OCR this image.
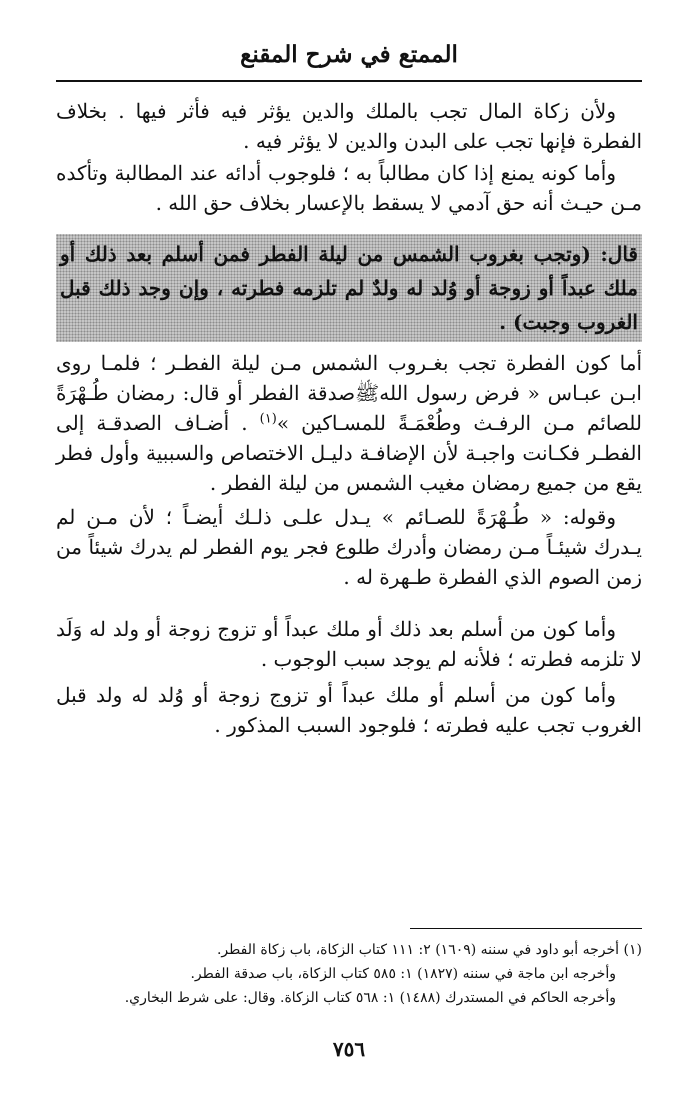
الممتع في شرح المقنع

ولأن زكاة المال تجب بالملك والدين يؤثر فيه فأثر فيها . بخلاف الفطرة فإنها تجب على البدن والدين لا يؤثر فيه .

وأما كونه يمنع إذا كان مطالباً به ؛ فلوجوب أدائه عند المطالبة وتأكده مـن حيـث أنه حق آدمي لا يسقط بالإعسار بخلاف حق الله .

قال: (وتجب بغروب الشمس من ليلة الفطر فمن أسلم بعد ذلك أو ملك عبداً أو زوجة أو وُلد له ولدٌ لم تلزمه فطرته ، وإن وجد ذلك قبل الغروب وجبت) .

أما كون الفطرة تجب بغـروب الشمس مـن ليلة الفطـر ؛ فلمـا روى ابـن عبـاس « فرض رسول اللهﷺصدقة الفطر أو قال: رمضان طُـهْرَةً للصائم مـن الرفـث وطُعْمَـةً للمسـاكين »$^{(١)}$ . أضـاف الصدقـة إلى الفطـر فكـانت واجبـة لأن الإضافـة دليـل الاختصاص والسببية وأول فطر يقع من جميع رمضان مغيب الشمس من ليلة الفطر .

وقوله: « طُـهْرَةً للصـائم » يـدل علـى ذلـك أيضـاً ؛ لأن مـن لم يـدرك شيئـاً مـن رمضان وأدرك طلوع فجر يوم الفطر لم يدرك شيئاً من زمن الصوم الذي الفطرة طـهرة له .

وأما كون من أسلم بعد ذلك أو ملك عبداً أو تزوج زوجة أو ولد له وَلَد لا تلزمه فطرته ؛ فلأنه لم يوجد سبب الوجوب .

وأما كون من أسلم أو ملك عبداً أو تزوج زوجة أو وُلد له ولد قبل الغروب تجب عليه فطرته ؛ فلوجود السبب المذكور .

(١) أخرجه أبو داود في سننه (١٦٠٩) ٢: ١١١ كتاب الزكاة، باب زكاة الفطر.
وأخرجه ابن ماجة في سننه (١٨٢٧) ١: ٥٨٥ كتاب الزكاة، باب صدقة الفطر.
وأخرجه الحاكم في المستدرك (١٤٨٨) ١: ٥٦٨ كتاب الزكاة. وقال: على شرط البخاري.
٧٥٦
